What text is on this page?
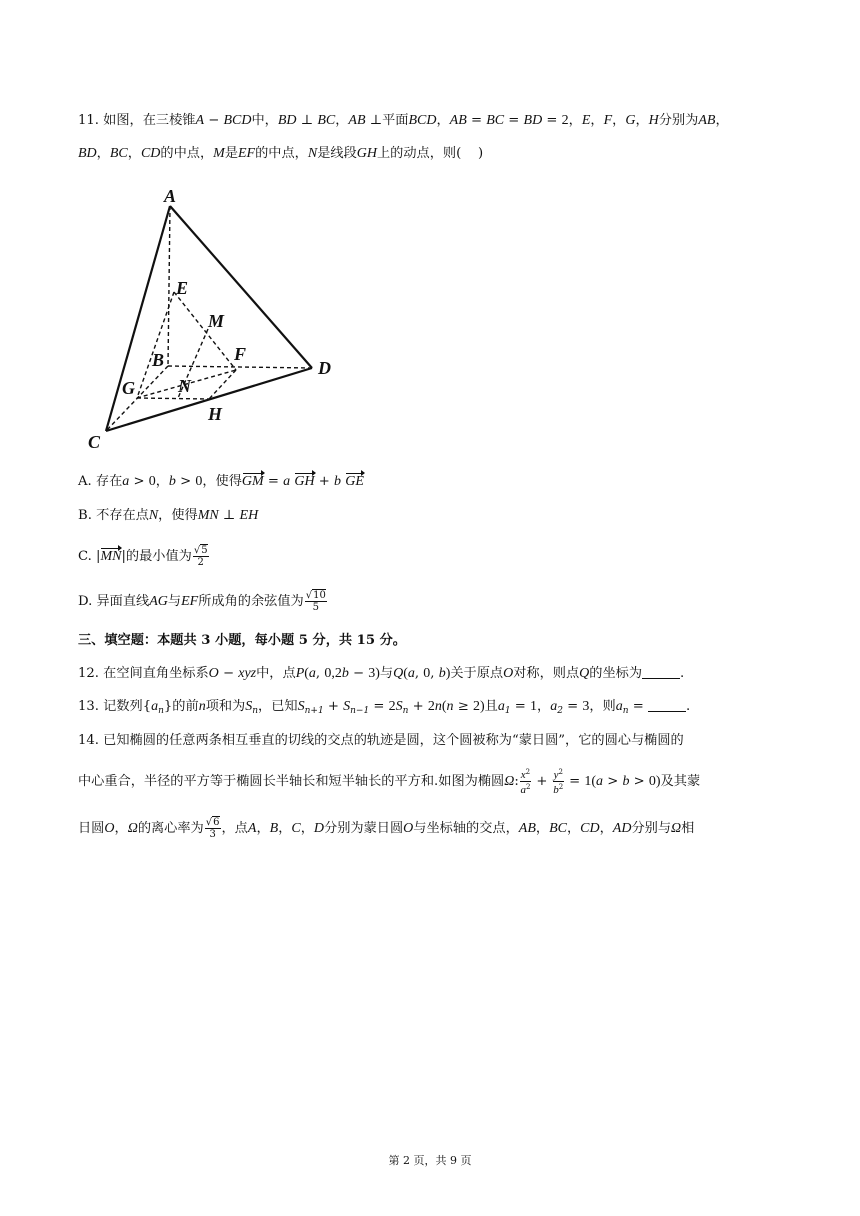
11. 如图，在三棱锥A − BCD中，BD ⊥ BC，AB ⊥平面BCD，AB = BC = BD = 2，E，F，G，H分别为AB，
BD，BC，CD的中点，M是EF的中点，N是线段GH上的动点，则(    )
A
E
M
B	F
D
G N
H
C
A. 存在a > 0，b > 0，使得GM = a GH + b GE
B. 不存在点N，使得MN ⊥ EH
C. |MN|的最小值为 $\frac{√5}{2}$
D. 异面直线AG与EF所成角的余弦值为 $\frac{√10}{5}$
三、填空题：本题共 3 小题，每小题 5 分，共 15 分。
12. 在空间直角坐标系O − xyz中，点P(a, 0,2b − 3)与Q(a, 0, b)关于原点O对称，则点Q的坐标为	.
13. 记数列$\{a_n\}$的前n项和为$S_n$，已知$S_{n+1} + S_{n-1} = 2S_n + 2n(n \ge 2)$且$a_1 = 1$，$a_2 = 3$，则$a_n$ =	.
14. 已知椭圆的任意两条相互垂直的切线的交点的轨迹是圆，这个圆被称为“蒙日圆”，它的圆心与椭圆的
中心重合，半径的平方等于椭圆长半轴长和短半轴长的平方和.如图为椭圆Ω: $\frac{x^2}{a^2} + \frac{y^2}{b^2} = 1(a > b > 0)$及其蒙
日圆O，Ω的离心率为 $\frac{√6}{3}$ ，点A，B，C，D分别为蒙日圆O与坐标轴的交点，AB，BC，CD，AD分别与Ω相
第 2 页，共 9 页
